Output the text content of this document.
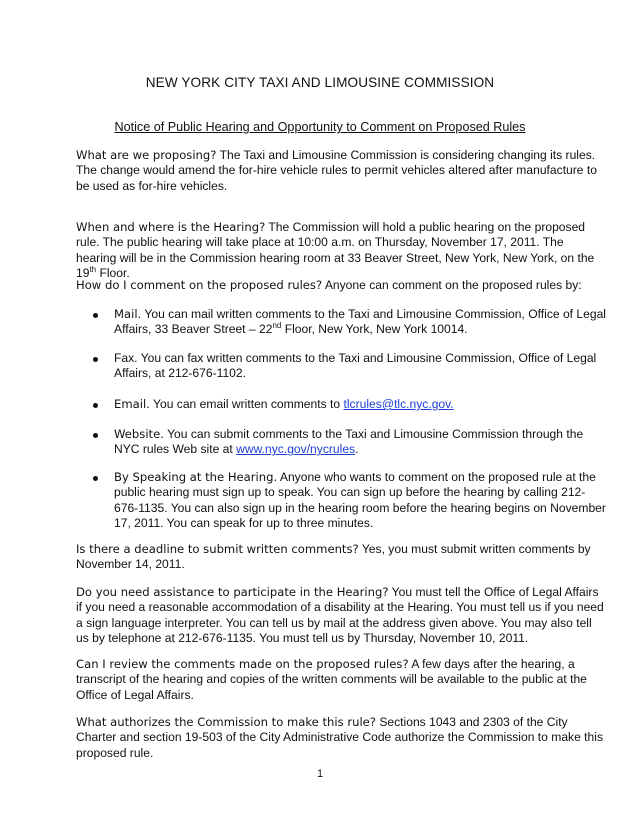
NEW YORK CITY TAXI AND LIMOUSINE COMMISSION
Notice of Public Hearing and Opportunity to Comment on Proposed Rules

What are we proposing? The Taxi and Limousine Commission is considering changing its rules. The change would amend the for-hire vehicle rules to permit vehicles altered after manufacture to be used as for-hire vehicles.

When and where is the Hearing? The Commission will hold a public hearing on the proposed rule. The public hearing will take place at 10:00 a.m. on Thursday, November 17, 2011. The hearing will be in the Commission hearing room at 33 Beaver Street, New York, New York, on the 19th Floor.

How do I comment on the proposed rules? Anyone can comment on the proposed rules by:

Mail. You can mail written comments to the Taxi and Limousine Commission, Office of Legal Affairs, 33 Beaver Street – 22nd Floor, New York, New York 10014.

Fax. You can fax written comments to the Taxi and Limousine Commission, Office of Legal Affairs, at 212-676-1102.

Email. You can email written comments to tlcrules@tlc.nyc.gov.

Website. You can submit comments to the Taxi and Limousine Commission through the NYC rules Web site at www.nyc.gov/nycrules.

By Speaking at the Hearing. Anyone who wants to comment on the proposed rule at the public hearing must sign up to speak. You can sign up before the hearing by calling 212-676-1135. You can also sign up in the hearing room before the hearing begins on November 17, 2011. You can speak for up to three minutes.

Is there a deadline to submit written comments? Yes, you must submit written comments by November 14, 2011.

Do you need assistance to participate in the Hearing? You must tell the Office of Legal Affairs if you need a reasonable accommodation of a disability at the Hearing. You must tell us if you need a sign language interpreter. You can tell us by mail at the address given above. You may also tell us by telephone at 212-676-1135. You must tell us by Thursday, November 10, 2011.

Can I review the comments made on the proposed rules? A few days after the hearing, a transcript of the hearing and copies of the written comments will be available to the public at the Office of Legal Affairs.

What authorizes the Commission to make this rule? Sections 1043 and 2303 of the City Charter and section 19-503 of the City Administrative Code authorize the Commission to make this proposed rule.

1
